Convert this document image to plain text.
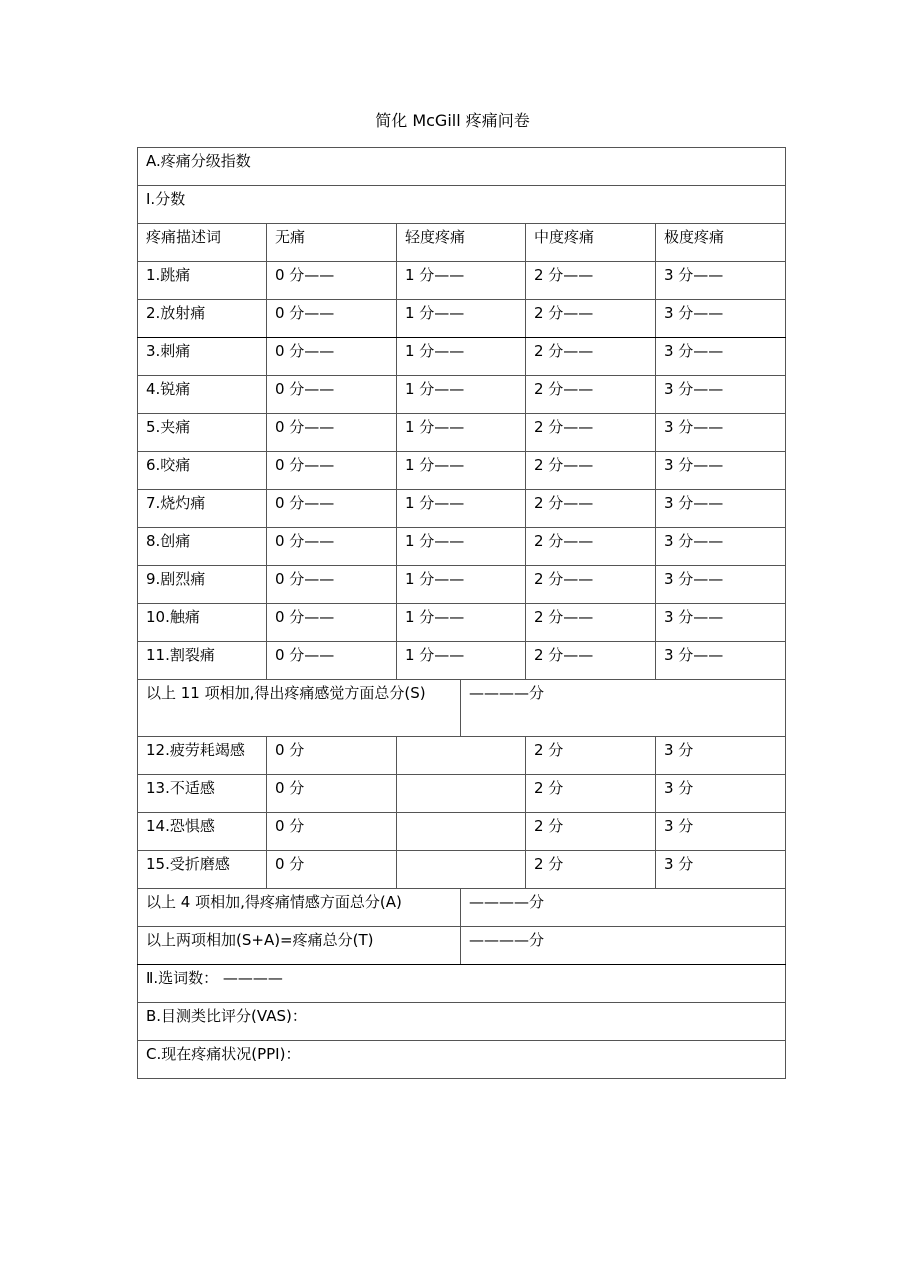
简化 McGill 疼痛问卷
A.疼痛分级指数					
I.分数					
疼痛描述词	无痛	轻度疼痛		中度疼痛	极度疼痛
1.跳痛	0 分——	1 分——		2 分——	3 分——
2.放射痛	0 分——	1 分——		2 分——	3 分——
3.刺痛	0 分——	1 分——		2 分——	3 分——
4.锐痛	0 分——	1 分——		2 分——	3 分——
5.夹痛	0 分——	1 分——		2 分——	3 分——
6.咬痛	0 分——	1 分——		2 分——	3 分——
7.烧灼痛	0 分——	1 分——		2 分——	3 分——
8.创痛	0 分——	1 分——		2 分——	3 分——
9.剧烈痛	0 分——	1 分——		2 分——	3 分——
10.触痛	0 分——	1 分——		2 分——	3 分——
11.割裂痛	0 分——	1 分——		2 分——	3 分——
以上 11 项相加,得出疼痛感觉方面总分(S)			————分		
12.疲劳耗竭感	0 分			2 分	3 分
13.不适感	0 分			2 分	3 分
14.恐惧感	0 分			2 分	3 分
15.受折磨感	0 分			2 分	3 分
以上 4 项相加,得疼痛情感方面总分(A)			————分		
以上两项相加(S+A)=疼痛总分(T)			————分		
Ⅱ.选词数： ————					
B.目测类比评分(VAS)：					
C.现在疼痛状况(PPI)：					
